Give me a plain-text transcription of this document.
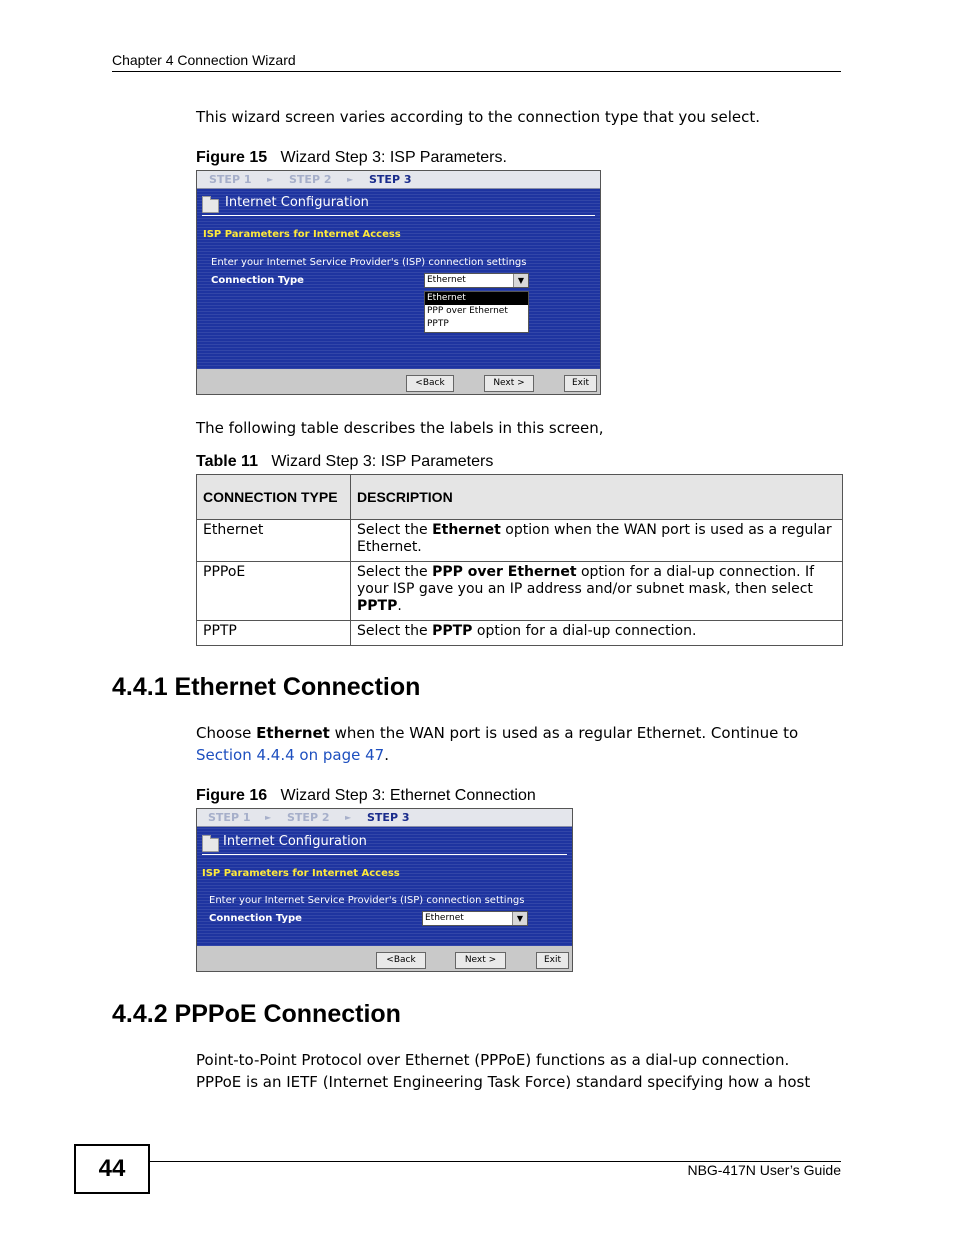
Chapter 4 Connection Wizard
This wizard screen varies according to the connection type that you select.
Figure 15 Wizard Step 3: ISP Parameters.
STEP 1 ► STEP 2 ► STEP 3
Internet Configuration
ISP Parameters for Internet Access
Enter your Internet Service Provider's (ISP) connection settings
Connection Type	Ethernet	▼
Ethernet
PPP over Ethernet
PPTP
<Back	Next >	Exit
The following table describes the labels in this screen,
Table 11 Wizard Step 3: ISP Parameters
CONNECTION TYPE	DESCRIPTION
Ethernet	Select the Ethernet option when the WAN port is used as a regular Ethernet.
PPPoE	Select the PPP over Ethernet option for a dial-up connection. If your ISP gave you an IP address and/or subnet mask, then select PPTP.
PPTP	Select the PPTP option for a dial-up connection.
4.4.1 Ethernet Connection
Choose Ethernet when the WAN port is used as a regular Ethernet. Continue to
Section 4.4.4 on page 47.
Figure 16 Wizard Step 3: Ethernet Connection
STEP 1 ► STEP 2 ► STEP 3
Internet Configuration
ISP Parameters for Internet Access
Enter your Internet Service Provider's (ISP) connection settings
Connection Type	Ethernet	▼
<Back	Next >	Exit
4.4.2 PPPoE Connection
Point-to-Point Protocol over Ethernet (PPPoE) functions as a dial-up connection.
PPPoE is an IETF (Internet Engineering Task Force) standard specifying how a host
44	NBG-417N User’s Guide
